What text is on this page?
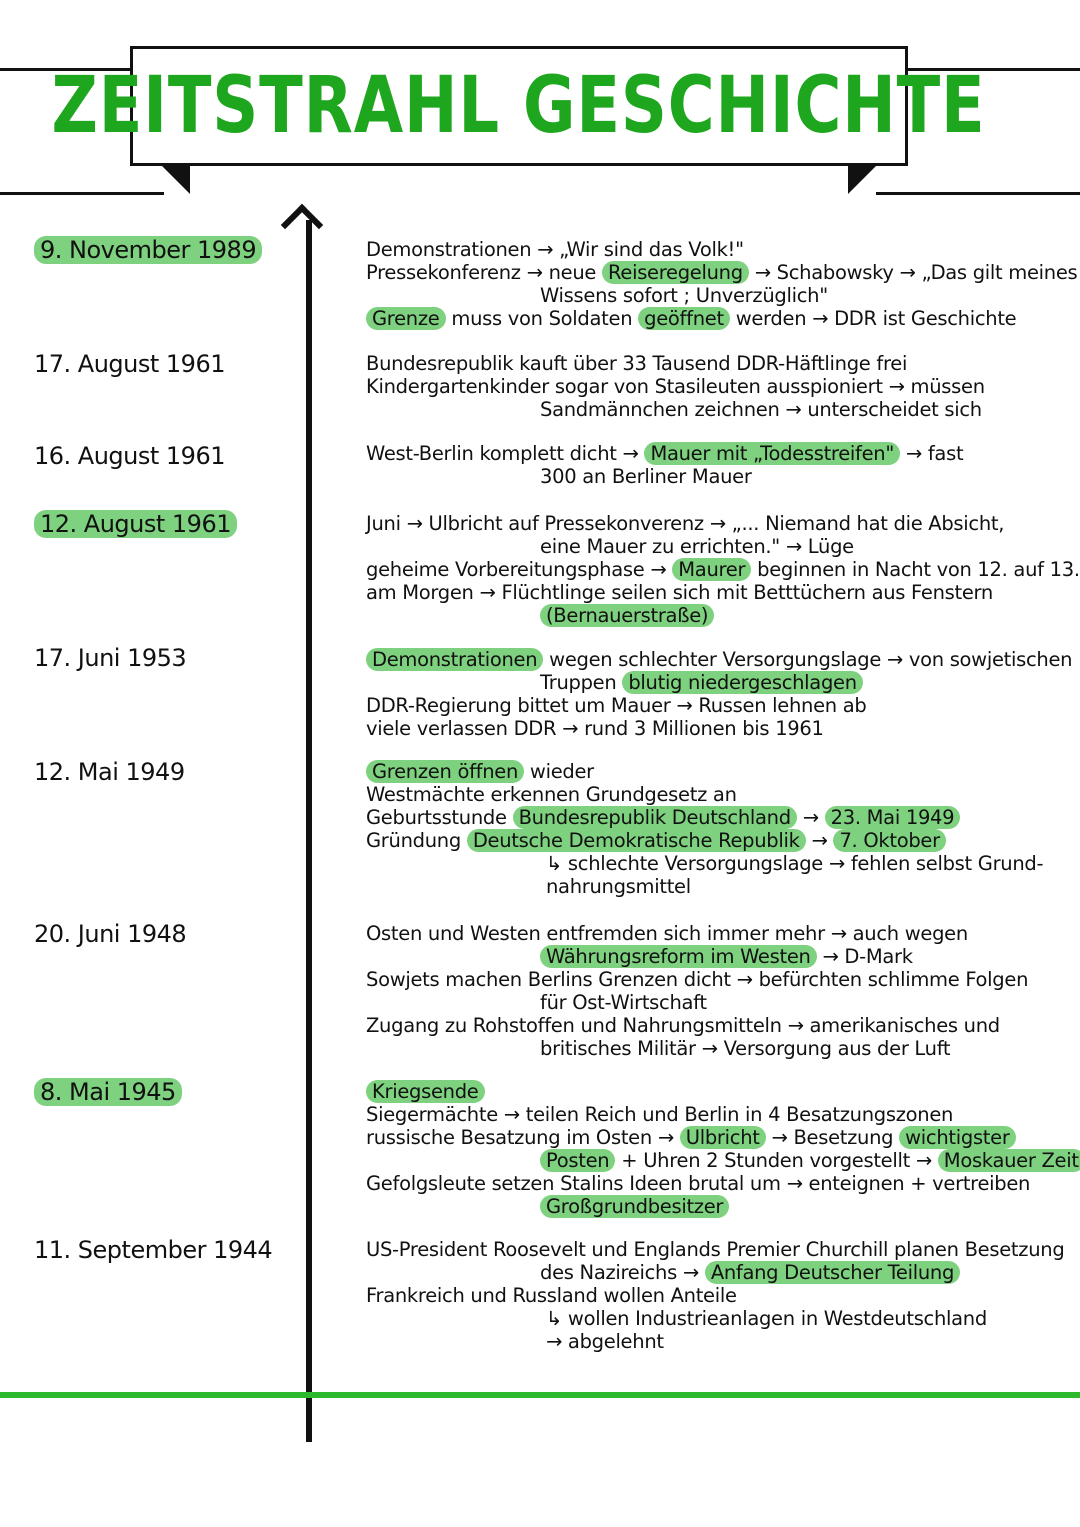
ZEITSTRAHL GESCHICHTE
9. November 1989
17. August 1961
16. August 1961
12. August 1961
17. Juni 1953
12. Mai 1949
20. Juni 1948
8. Mai 1945
11. September 1944
Demonstrationen → „Wir sind das Volk!"
Pressekonferenz → neue Reiseregelung → Schabowsky → „Das gilt meines
Wissens sofort ; Unverzüglich"
Grenze muss von Soldaten geöffnet werden → DDR ist Geschichte
Bundesrepublik kauft über 33 Tausend DDR-Häftlinge frei
Kindergartenkinder sogar von Stasileuten ausspioniert → müssen
Sandmännchen zeichnen → unterscheidet sich
West-Berlin komplett dicht → Mauer mit „Todesstreifen" → fast
300 an Berliner Mauer
Juni → Ulbricht auf Pressekonverenz → „... Niemand hat die Absicht,
eine Mauer zu errichten." → Lüge
geheime Vorbereitungsphase → Maurer beginnen in Nacht von 12. auf 13.
am Morgen → Flüchtlinge seilen sich mit Betttüchern aus Fenstern
(Bernauerstraße)
Demonstrationen wegen schlechter Versorgungslage → von sowjetischen
Truppen blutig niedergeschlagen
DDR-Regierung bittet um Mauer → Russen lehnen ab
viele verlassen DDR → rund 3 Millionen bis 1961
Grenzen öffnen wieder
Westmächte erkennen Grundgesetz an
Geburtsstunde Bundesrepublik Deutschland → 23. Mai 1949
Gründung Deutsche Demokratische Republik → 7. Oktober
↳ schlechte Versorgungslage → fehlen selbst Grund-
nahrungsmittel
Osten und Westen entfremden sich immer mehr → auch wegen
Währungsreform im Westen → D-Mark
Sowjets machen Berlins Grenzen dicht → befürchten schlimme Folgen
für Ost-Wirtschaft
Zugang zu Rohstoffen und Nahrungsmitteln → amerikanisches und
britisches Militär → Versorgung aus der Luft
Kriegsende
Siegermächte → teilen Reich und Berlin in 4 Besatzungszonen
russische Besatzung im Osten → Ulbricht → Besetzung wichtigster
Posten + Uhren 2 Stunden vorgestellt → Moskauer Zeit
Gefolgsleute setzen Stalins Ideen brutal um → enteignen + vertreiben
Großgrundbesitzer
US-President Roosevelt und Englands Premier Churchill planen Besetzung
des Nazireichs → Anfang Deutscher Teilung
Frankreich und Russland wollen Anteile
↳ wollen Industrieanlagen in Westdeutschland
→ abgelehnt
